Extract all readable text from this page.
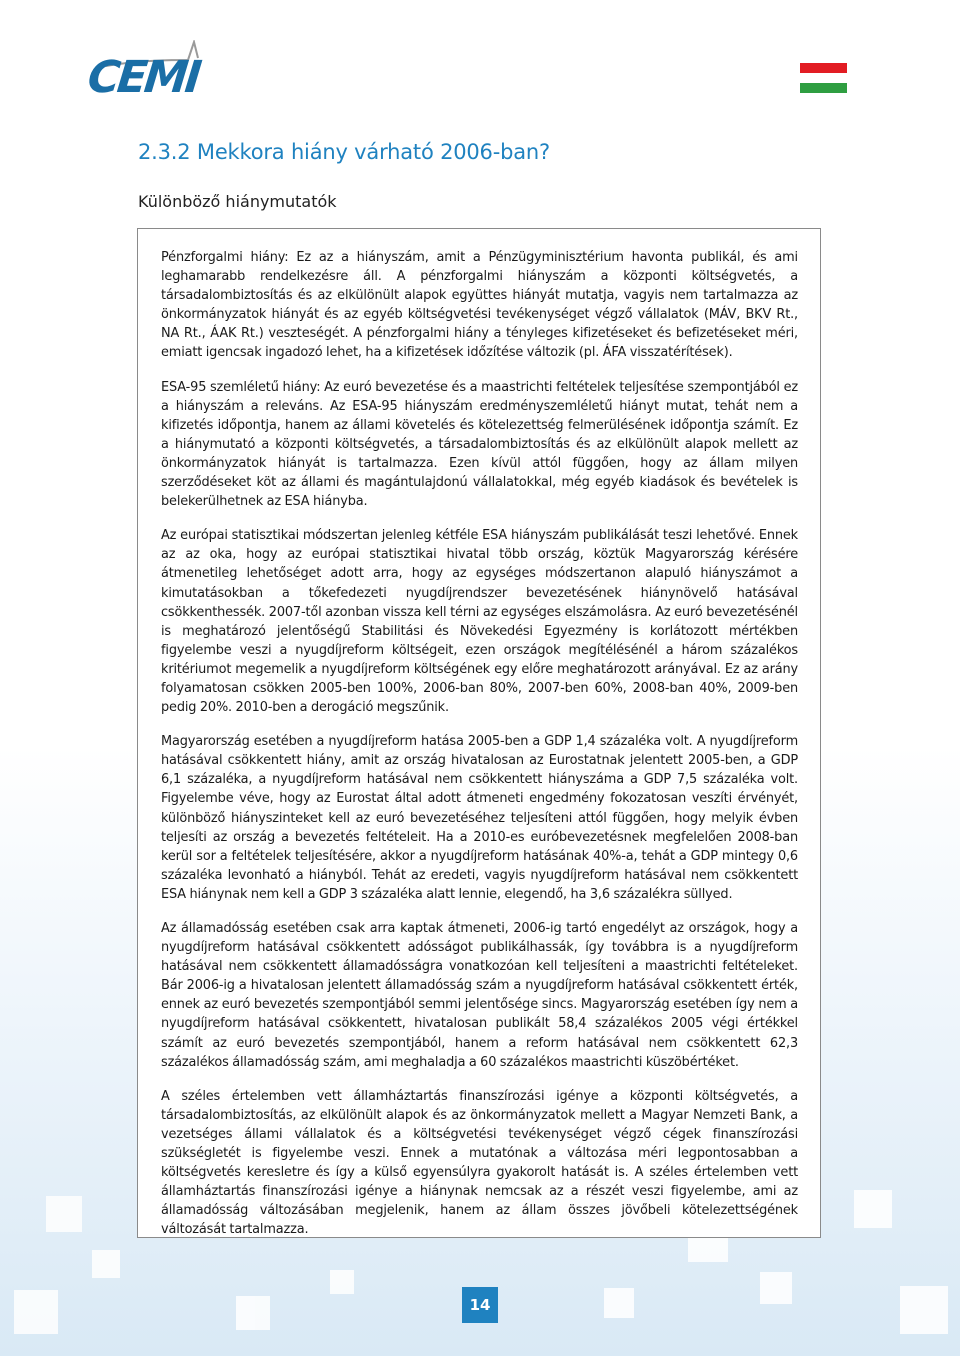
CEMI
2.3.2 Mekkora hiány várható 2006-ban?
Különböző hiánymutatók

Pénzforgalmi hiány: Ez az a hiányszám, amit a Pénzügyminisztérium havonta publikál, és ami leghamarabb rendelkezésre áll. A pénzforgalmi hiányszám a központi költségvetés, a társadalombiztosítás és az elkülönült alapok együttes hiányát mutatja, vagyis nem tartalmazza az önkormányzatok hiányát és az egyéb költségvetési tevékenységet végző vállalatok (MÁV, BKV Rt., NA Rt., ÁAK Rt.) veszteségét. A pénzforgalmi hiány a tényleges kifizetéseket és befizetéseket méri, emiatt igencsak ingadozó lehet, ha a kifizetések időzítése változik (pl. ÁFA visszatérítések).

ESA-95 szemléletű hiány: Az euró bevezetése és a maastrichti feltételek teljesítése szempontjából ez a hiányszám a releváns. Az ESA-95 hiányszám eredményszemléletű hiányt mutat, tehát nem a kifizetés időpontja, hanem az állami követelés és kötelezettség felmerülésének időpontja számít. Ez a hiánymutató a központi költségvetés, a társadalombiztosítás és az elkülönült alapok mellett az önkormányzatok hiányát is tartalmazza. Ezen kívül attól függően, hogy az állam milyen szerződéseket köt az állami és magántulajdonú vállalatokkal, még egyéb kiadások és bevételek is belekerülhetnek az ESA hiányba.

Az európai statisztikai módszertan jelenleg kétféle ESA hiányszám publikálását teszi lehetővé. Ennek az az oka, hogy az európai statisztikai hivatal több ország, köztük Magyarország kérésére átmenetileg lehetőséget adott arra, hogy az egységes módszertanon alapuló hiányszámot a kimutatásokban a tőkefedezeti nyugdíjrendszer bevezetésének hiánynövelő hatásával csökkenthessék. 2007-től azonban vissza kell térni az egységes elszámolásra. Az euró bevezetésénél is meghatározó jelentőségű Stabilitási és Növekedési Egyezmény is korlátozott mértékben figyelembe veszi a nyugdíjreform költségeit, ezen országok megítélésénél a három százalékos kritériumot megemelik a nyugdíjreform költségének egy előre meghatározott arányával. Ez az arány folyamatosan csökken 2005-ben 100%, 2006-ban 80%, 2007-ben 60%, 2008-ban 40%, 2009-ben pedig 20%. 2010-ben a derogáció megszűnik.

Magyarország esetében a nyugdíjreform hatása 2005-ben a GDP 1,4 százaléka volt. A nyugdíjreform hatásával csökkentett hiány, amit az ország hivatalosan az Eurostatnak jelentett 2005-ben, a GDP 6,1 százaléka, a nyugdíjreform hatásával nem csökkentett hiányszáma a GDP 7,5 százaléka volt. Figyelembe véve, hogy az Eurostat által adott átmeneti engedmény fokozatosan veszíti érvényét, különböző hiányszinteket kell az euró bevezetéséhez teljesíteni attól függően, hogy melyik évben teljesíti az ország a bevezetés feltételeit. Ha a 2010-es euróbevezetésnek megfelelően 2008-ban kerül sor a feltételek teljesítésére, akkor a nyugdíjreform hatásának 40%-a, tehát a GDP mintegy 0,6 százaléka levonható a hiányból. Tehát az eredeti, vagyis nyugdíjreform hatásával nem csökkentett ESA hiánynak nem kell a GDP 3 százaléka alatt lennie, elegendő, ha 3,6 százalékra süllyed.

Az államadósság esetében csak arra kaptak átmeneti, 2006-ig tartó engedélyt az országok, hogy a nyugdíjreform hatásával csökkentett adósságot publikálhassák, így továbbra is a nyugdíjreform hatásával nem csökkentett államadósságra vonatkozóan kell teljesíteni a maastrichti feltételeket. Bár 2006-ig a hivatalosan jelentett államadósság szám a nyugdíjreform hatásával csökkentett érték, ennek az euró bevezetés szempontjából semmi jelentősége sincs. Magyarország esetében így nem a nyugdíjreform hatásával csökkentett, hivatalosan publikált 58,4 százalékos 2005 végi értékkel számít az euró bevezetés szempontjából, hanem a reform hatásával nem csökkentett 62,3 százalékos államadósság szám, ami meghaladja a 60 százalékos maastrichti küszöbértéket.

A széles értelemben vett államháztartás finanszírozási igénye a központi költségvetés, a társadalombiztosítás, az elkülönült alapok és az önkormányzatok mellett a Magyar Nemzeti Bank, a vezetséges állami vállalatok és a költségvetési tevékenységet végző cégek finanszírozási szükségletét is figyelembe veszi. Ennek a mutatónak a változása méri legpontosabban a költségvetés keresletre és így a külső egyensúlyra gyakorolt hatását is. A széles értelemben vett államháztartás finanszírozási igénye a hiánynak nemcsak az a részét veszi figyelembe, ami az államadósság változásában megjelenik, hanem az állam összes jövőbeli kötelezettségének változását tartalmazza.

14
